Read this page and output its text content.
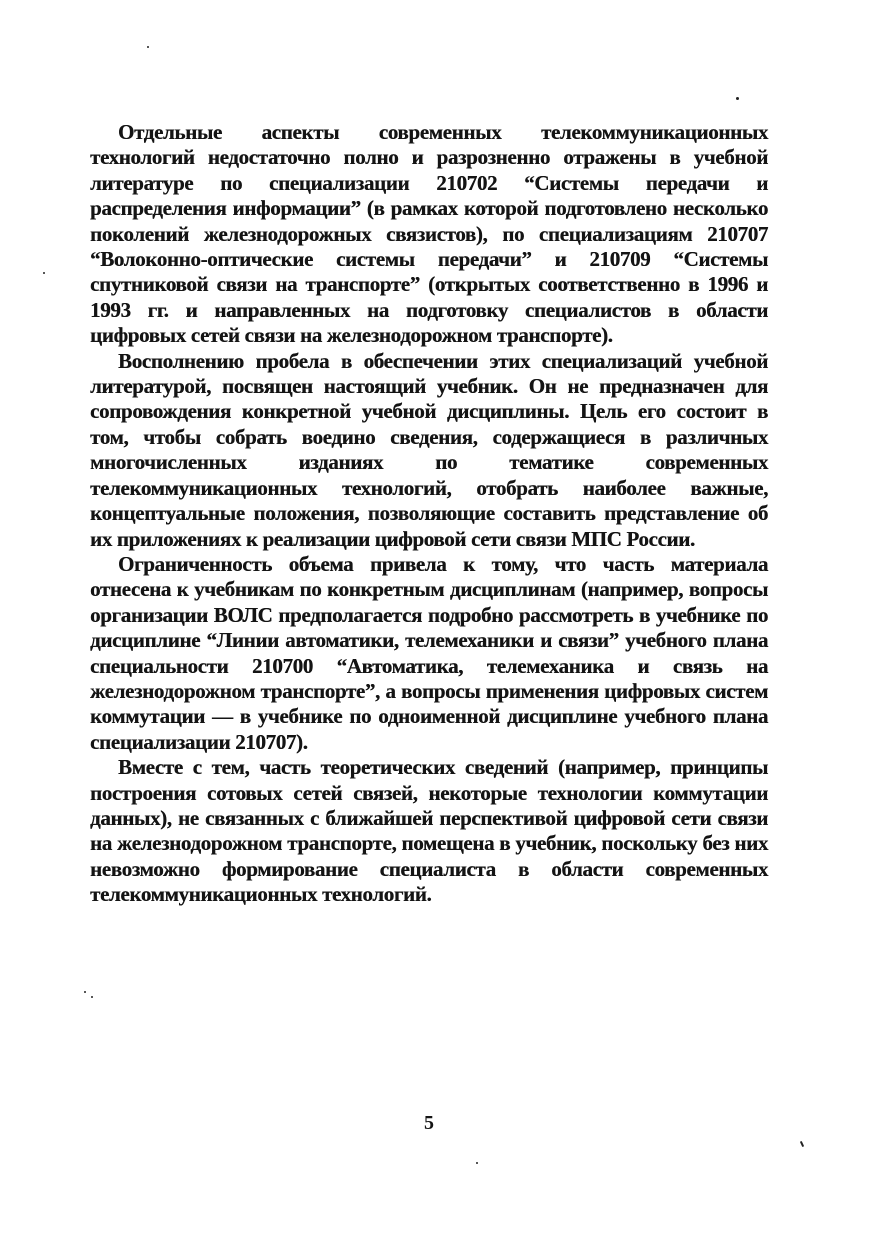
Отдельные аспекты современных телекоммуникационных технологий недостаточно полно и разрозненно отражены в учебной литературе по специализации 210702 “Системы передачи и распределения информации” (в рамках которой подготовлено несколько поколений железнодорожных связистов), по специализациям 210707 “Волоконно-оптические системы передачи” и 210709 “Системы спутниковой связи на транспорте” (открытых соответственно в 1996 и 1993 гг. и направленных на подготовку специалистов в области цифровых сетей связи на железнодорожном транспорте).

Восполнению пробела в обеспечении этих специализаций учебной литературой, посвящен настоящий учебник. Он не предназначен для сопровождения конкретной учебной дисциплины. Цель его состоит в том, чтобы собрать воедино сведения, содержащиеся в различных многочисленных изданиях по тематике современных телекоммуникационных технологий, отобрать наиболее важные, концептуальные положения, позволяющие составить представление об их приложениях к реализации цифровой сети связи МПС России.

Ограниченность объема привела к тому, что часть материала отнесена к учебникам по конкретным дисциплинам (например, вопросы организации ВОЛС предполагается подробно рассмотреть в учебнике по дисциплине “Линии автоматики, телемеханики и связи” учебного плана специальности 210700 “Автоматика, телемеханика и связь на железнодорожном транспорте”, а вопросы применения цифровых систем коммутации — в учебнике по одноименной дисциплине учебного плана специализации 210707).

Вместе с тем, часть теоретических сведений (например, принципы построения сотовых сетей связей, некоторые технологии коммутации данных), не связанных с ближайшей перспективой цифровой сети связи на железнодорожном транспорте, помещена в учебник, поскольку без них невозможно формирование специалиста в области современных телекоммуникационных технологий.

5
